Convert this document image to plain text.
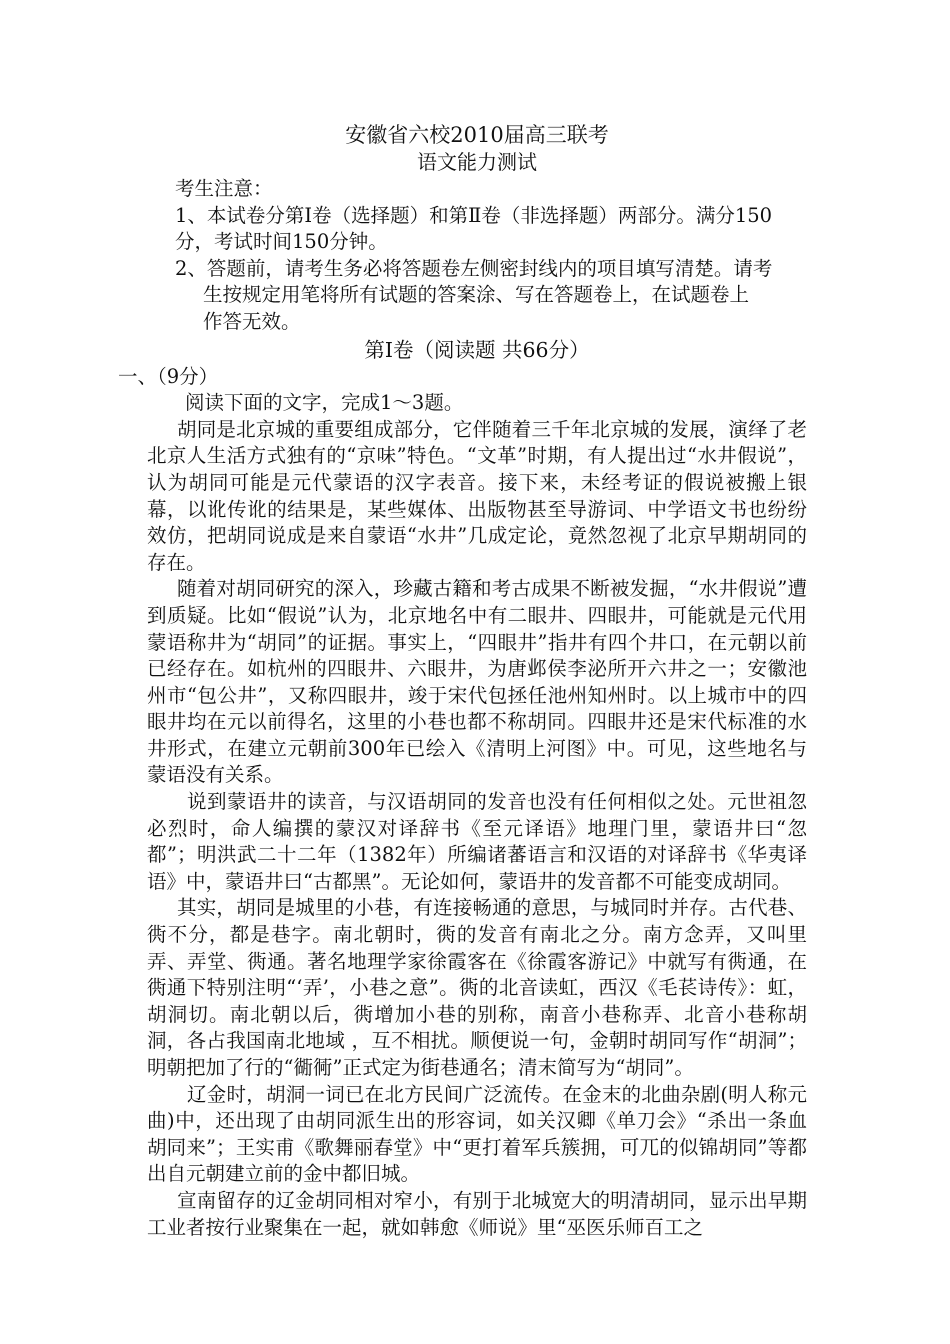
安徽省六校2010届高三联考

语文能力测试

考生注意：

1、本试卷分第Ⅰ卷（选择题）和第Ⅱ卷（非选择题）两部分。满分150
分，考试时间150分钟。
2、答题前，请考生务必将答题卷左侧密封线内的项目填写清楚。请考
生按规定用笔将所有试题的答案涂、写在答题卷上，在试题卷上
作答无效。

第Ⅰ卷（阅读题 共66分）

一、（9分）

阅读下面的文字，完成1～3题。

胡同是北京城的重要组成部分，它伴随着三千年北京城的发展，演绎了老北京人生活方式独有的“京味”特色。“文革”时期，有人提出过“水井假说”，认为胡同可能是元代蒙语的汉字表音。接下来，未经考证的假说被搬上银幕，以讹传讹的结果是，某些媒体、出版物甚至导游词、中学语文书也纷纷效仿，把胡同说成是来自蒙语“水井”几成定论，竟然忽视了北京早期胡同的存在。

随着对胡同研究的深入，珍藏古籍和考古成果不断被发掘，“水井假说”遭到质疑。比如“假说”认为，北京地名中有二眼井、四眼井，可能就是元代用蒙语称井为“胡同”的证据。事实上，“四眼井”指井有四个井口，在元朝以前已经存在。如杭州的四眼井、六眼井，为唐邺侯李泌所开六井之一；安徽池州市“包公井”，又称四眼井，竣于宋代包拯任池州知州时。以上城市中的四眼井均在元以前得名，这里的小巷也都不称胡同。四眼井还是宋代标准的水井形式，在建立元朝前300年已绘入《清明上河图》中。可见，这些地名与蒙语没有关系。

说到蒙语井的读音，与汉语胡同的发音也没有任何相似之处。元世祖忽必烈时，命人编撰的蒙汉对译辞书《至元译语》地理门里，蒙语井曰“忽都”；明洪武二十二年（1382年）所编诸蕃语言和汉语的对译辞书《华夷译语》中，蒙语井曰“古都黑”。无论如何，蒙语井的发音都不可能变成胡同。

其实，胡同是城里的小巷，有连接畅通的意思，与城同时并存。古代巷、衖不分，都是巷字。南北朝时，衖的发音有南北之分。南方念弄，又叫里弄、弄堂、衖通。著名地理学家徐霞客在《徐霞客游记》中就写有衖通，在衖通下特别注明“‘弄’，小巷之意”。衖的北音读虹，西汉《毛苌诗传》：虹，胡洞切。南北朝以后，衖增加小巷的别称，南音小巷称弄、北音小巷称胡洞，各占我国南北地域 ，互不相扰。顺便说一句，金朝时胡同写作“胡洞”；明朝把加了行的“衚衕”正式定为街巷通名；清末简写为“胡同”。

辽金时，胡洞一词已在北方民间广泛流传。在金末的北曲杂剧(明人称元曲)中，还出现了由胡同派生出的形容词，如关汉卿《单刀会》“杀出一条血胡同来”；王实甫《歌舞丽春堂》中“更打着军兵簇拥，可兀的似锦胡同”等都出自元朝建立前的金中都旧城。

宣南留存的辽金胡同相对窄小，有别于北城宽大的明清胡同，显示出早期工业者按行业聚集在一起，就如韩愈《师说》里“巫医乐师百工之
